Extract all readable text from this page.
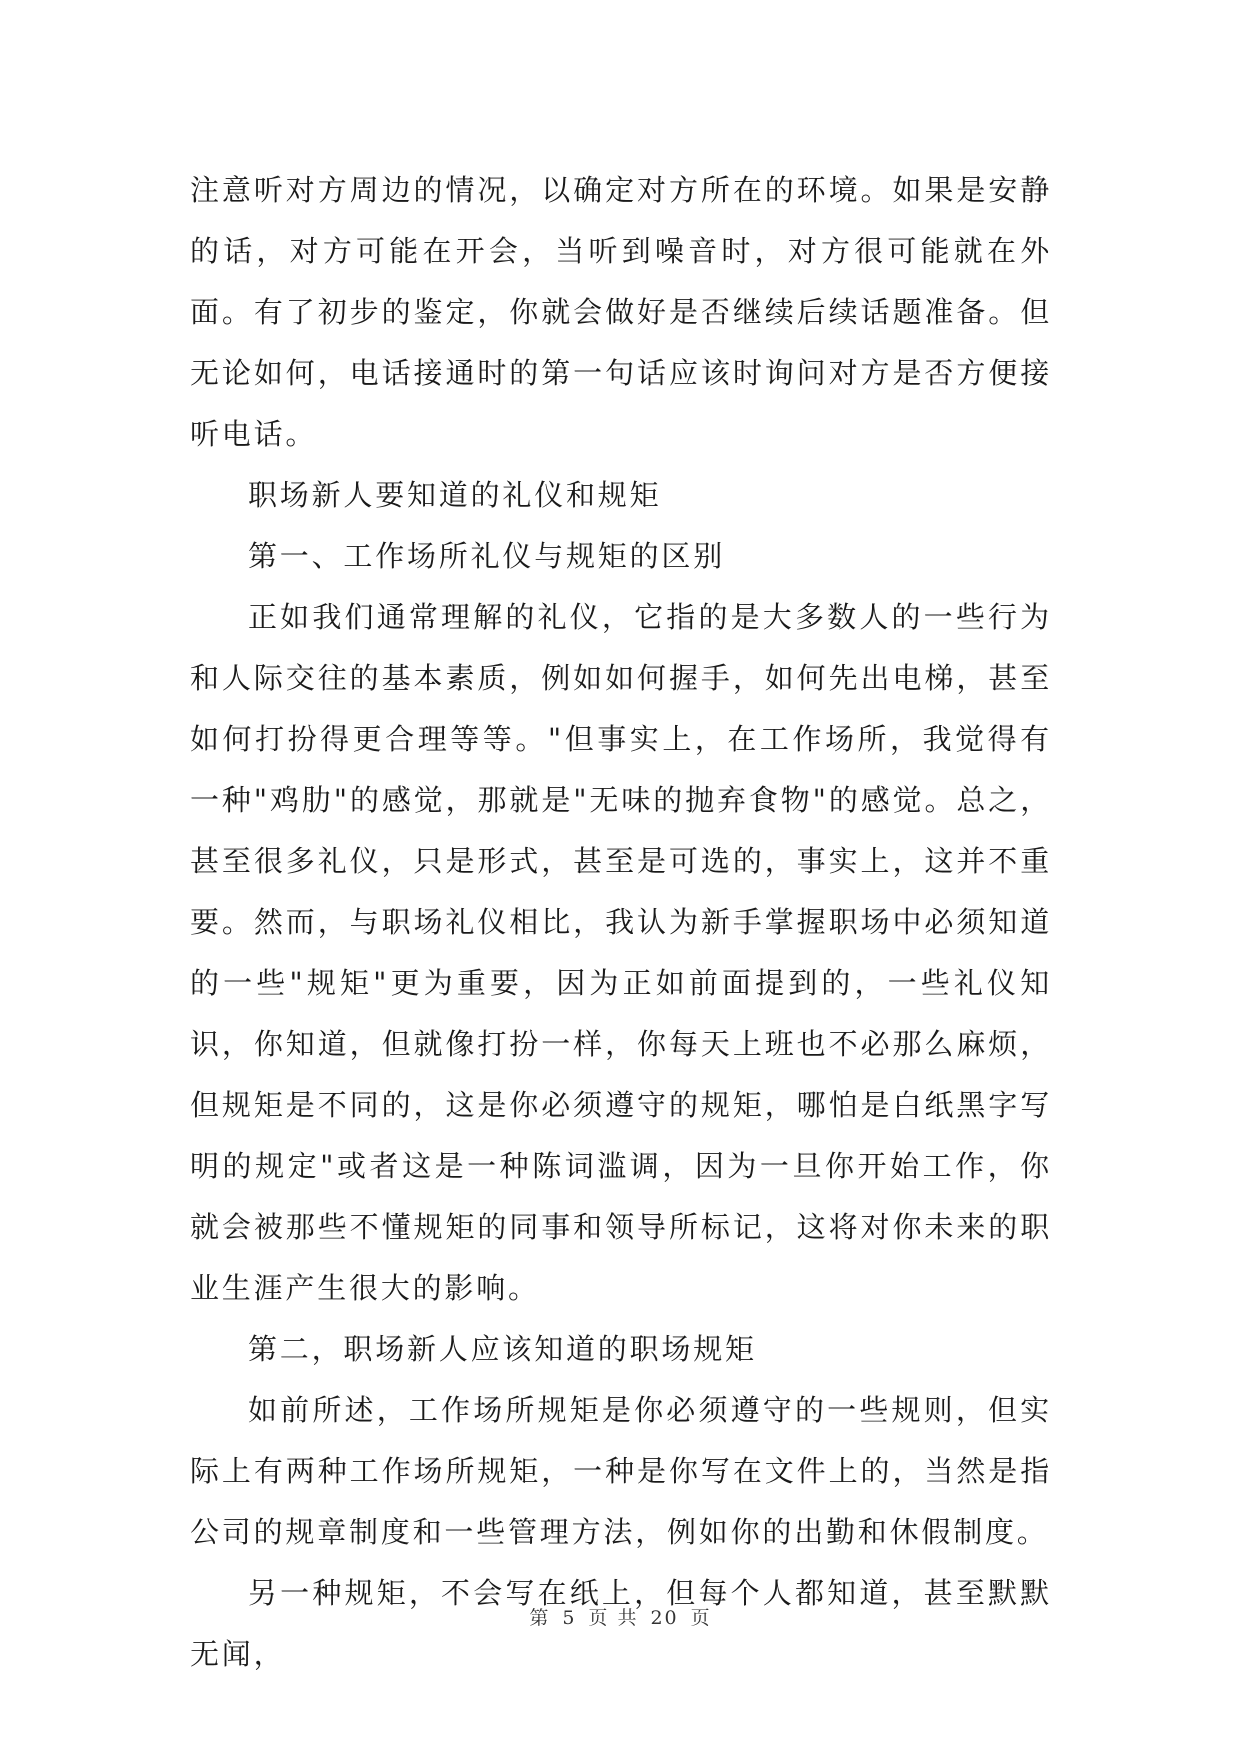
注意听对方周边的情况，以确定对方所在的环境。如果是安静的话，对方可能在开会，当听到噪音时，对方很可能就在外面。有了初步的鉴定，你就会做好是否继续后续话题准备。但无论如何，电话接通时的第一句话应该时询问对方是否方便接听电话。

职场新人要知道的礼仪和规矩

第一、工作场所礼仪与规矩的区别

正如我们通常理解的礼仪，它指的是大多数人的一些行为和人际交往的基本素质，例如如何握手，如何先出电梯，甚至如何打扮得更合理等等。"但事实上，在工作场所，我觉得有一种"鸡肋"的感觉，那就是"无味的抛弃食物"的感觉。总之，甚至很多礼仪，只是形式，甚至是可选的，事实上，这并不重要。然而，与职场礼仪相比，我认为新手掌握职场中必须知道的一些"规矩"更为重要，因为正如前面提到的，一些礼仪知识，你知道，但就像打扮一样，你每天上班也不必那么麻烦，但规矩是不同的，这是你必须遵守的规矩，哪怕是白纸黑字写明的规定"或者这是一种陈词滥调，因为一旦你开始工作，你就会被那些不懂规矩的同事和领导所标记，这将对你未来的职业生涯产生很大的影响。

第二，职场新人应该知道的职场规矩

如前所述，工作场所规矩是你必须遵守的一些规则，但实际上有两种工作场所规矩，一种是你写在文件上的，当然是指公司的规章制度和一些管理方法，例如你的出勤和休假制度。

另一种规矩，不会写在纸上，但每个人都知道，甚至默默无闻，

第 5 页 共 20 页
